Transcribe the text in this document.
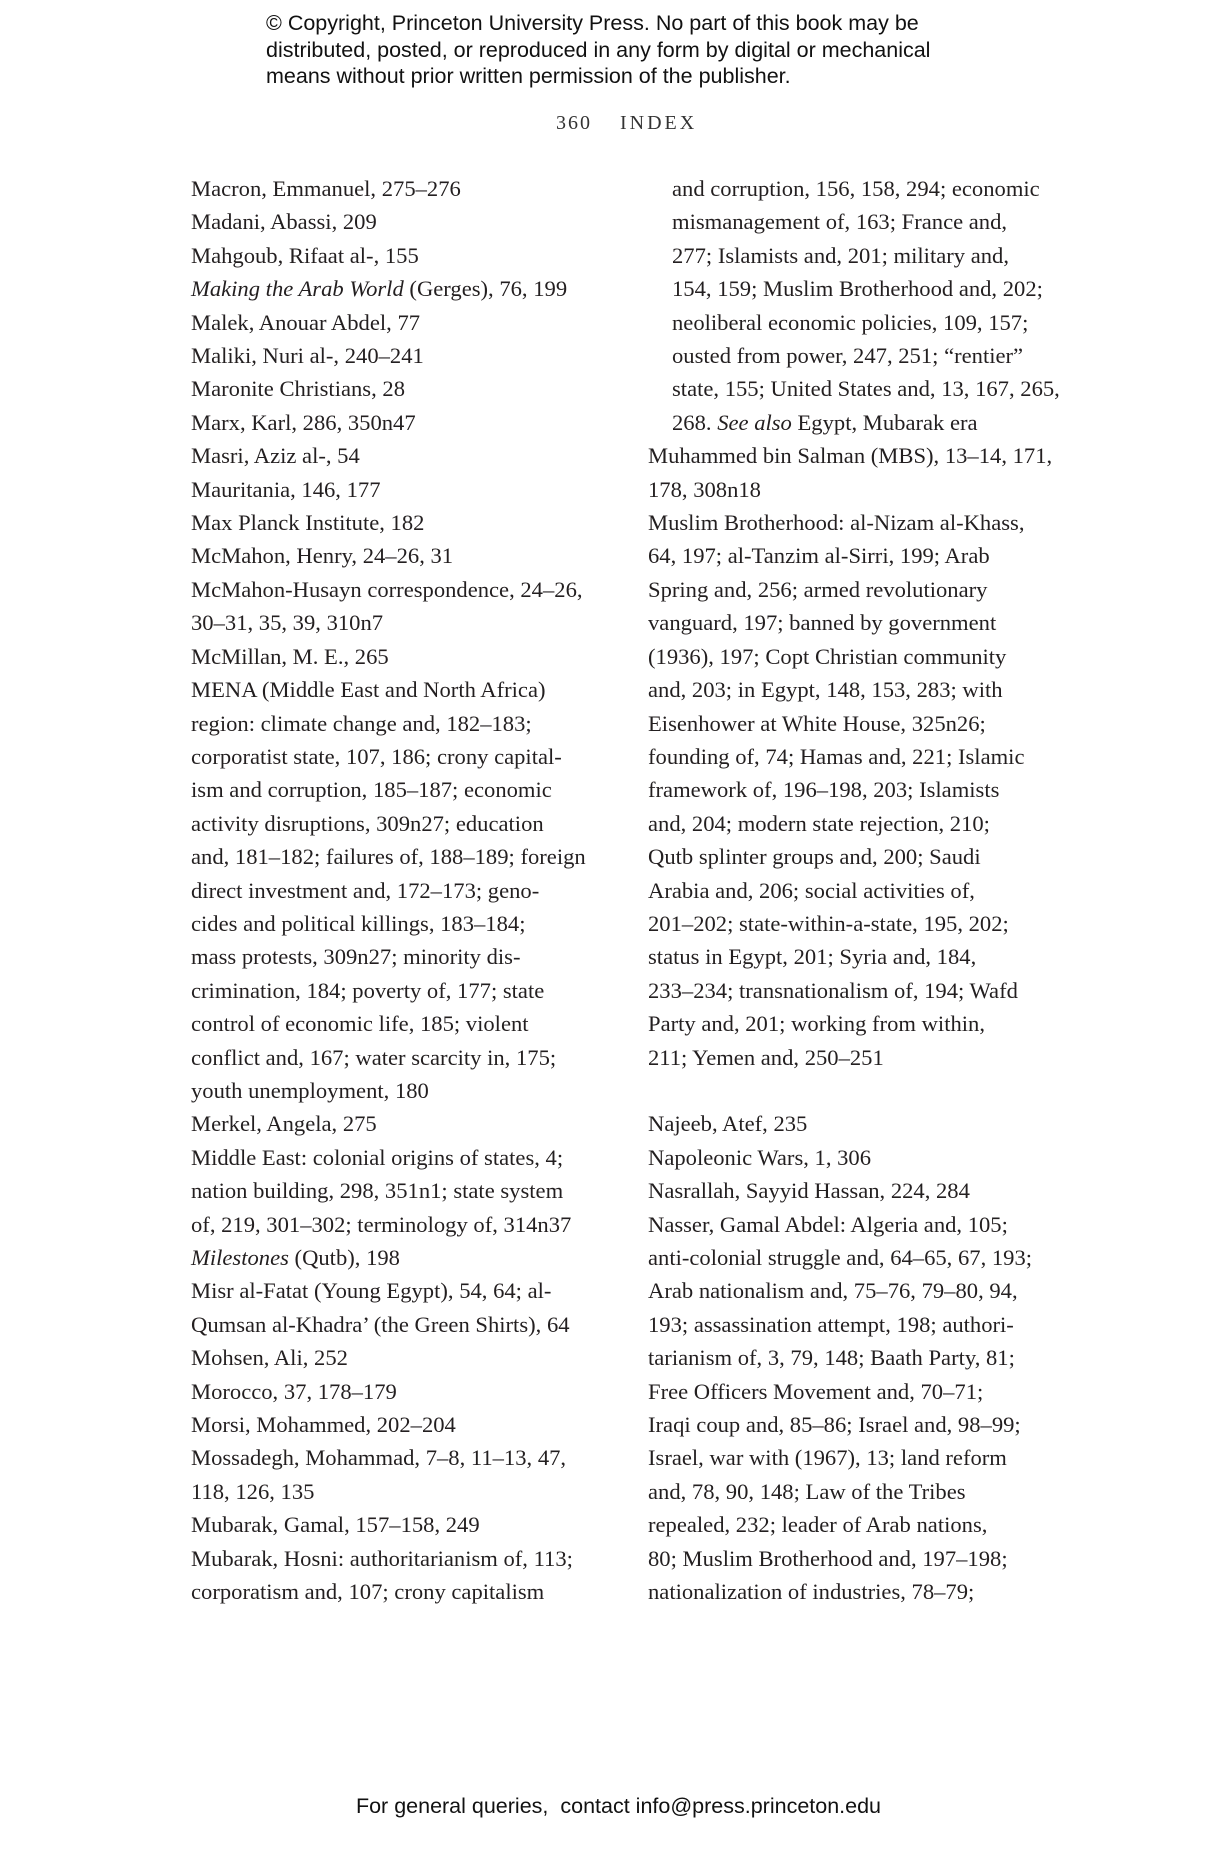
© Copyright, Princeton University Press. No part of this book may be
distributed, posted, or reproduced in any form by digital or mechanical
means without prior written permission of the publisher.
360 INDEX
Macron, Emmanuel, 275–276
Madani, Abassi, 209
Mahgoub, Rifaat al-, 155
Making the Arab World (Gerges), 76, 199
Malek, Anouar Abdel, 77
Maliki, Nuri al-, 240–241
Maronite Christians, 28
Marx, Karl, 286, 350n47
Masri, Aziz al-, 54
Mauritania, 146, 177
Max Planck Institute, 182
McMahon, Henry, 24–26, 31
McMahon-Husayn correspondence, 24–26,
30–31, 35, 39, 310n7
McMillan, M. E., 265
MENA (Middle East and North Africa)
region: climate change and, 182–183;
corporatist state, 107, 186; crony capital-
ism and corruption, 185–187; economic
activity disruptions, 309n27; education
and, 181–182; failures of, 188–189; foreign
direct investment and, 172–173; geno-
cides and political killings, 183–184;
mass protests, 309n27; minority dis-
crimination, 184; poverty of, 177; state
control of economic life, 185; violent
conflict and, 167; water scarcity in, 175;
youth unemployment, 180
Merkel, Angela, 275
Middle East: colonial origins of states, 4;
nation building, 298, 351n1; state system
of, 219, 301–302; terminology of, 314n37
Milestones (Qutb), 198
Misr al-Fatat (Young Egypt), 54, 64; al-
Qumsan al-Khadra’ (the Green Shirts), 64
Mohsen, Ali, 252
Morocco, 37, 178–179
Morsi, Mohammed, 202–204
Mossadegh, Mohammad, 7–8, 11–13, 47,
118, 126, 135
Mubarak, Gamal, 157–158, 249
Mubarak, Hosni: authoritarianism of, 113;
corporatism and, 107; crony capitalism
and corruption, 156, 158, 294; economic
mismanagement of, 163; France and,
277; Islamists and, 201; military and,
154, 159; Muslim Brotherhood and, 202;
neoliberal economic policies, 109, 157;
ousted from power, 247, 251; “rentier”
state, 155; United States and, 13, 167, 265,
268. See also Egypt, Mubarak era
Muhammed bin Salman (MBS), 13–14, 171,
178, 308n18
Muslim Brotherhood: al-Nizam al-Khass,
64, 197; al-Tanzim al-Sirri, 199; Arab
Spring and, 256; armed revolutionary
vanguard, 197; banned by government
(1936), 197; Copt Christian community
and, 203; in Egypt, 148, 153, 283; with
Eisenhower at White House, 325n26;
founding of, 74; Hamas and, 221; Islamic
framework of, 196–198, 203; Islamists
and, 204; modern state rejection, 210;
Qutb splinter groups and, 200; Saudi
Arabia and, 206; social activities of,
201–202; state-within-a-state, 195, 202;
status in Egypt, 201; Syria and, 184,
233–234; transnationalism of, 194; Wafd
Party and, 201; working from within,
211; Yemen and, 250–251
Najeeb, Atef, 235
Napoleonic Wars, 1, 306
Nasrallah, Sayyid Hassan, 224, 284
Nasser, Gamal Abdel: Algeria and, 105;
anti-colonial struggle and, 64–65, 67, 193;
Arab nationalism and, 75–76, 79–80, 94,
193; assassination attempt, 198; authori-
tarianism of, 3, 79, 148; Baath Party, 81;
Free Officers Movement and, 70–71;
Iraqi coup and, 85–86; Israel and, 98–99;
Israel, war with (1967), 13; land reform
and, 78, 90, 148; Law of the Tribes
repealed, 232; leader of Arab nations,
80; Muslim Brotherhood and, 197–198;
nationalization of industries, 78–79;
For general queries, contact info@press.princeton.edu
